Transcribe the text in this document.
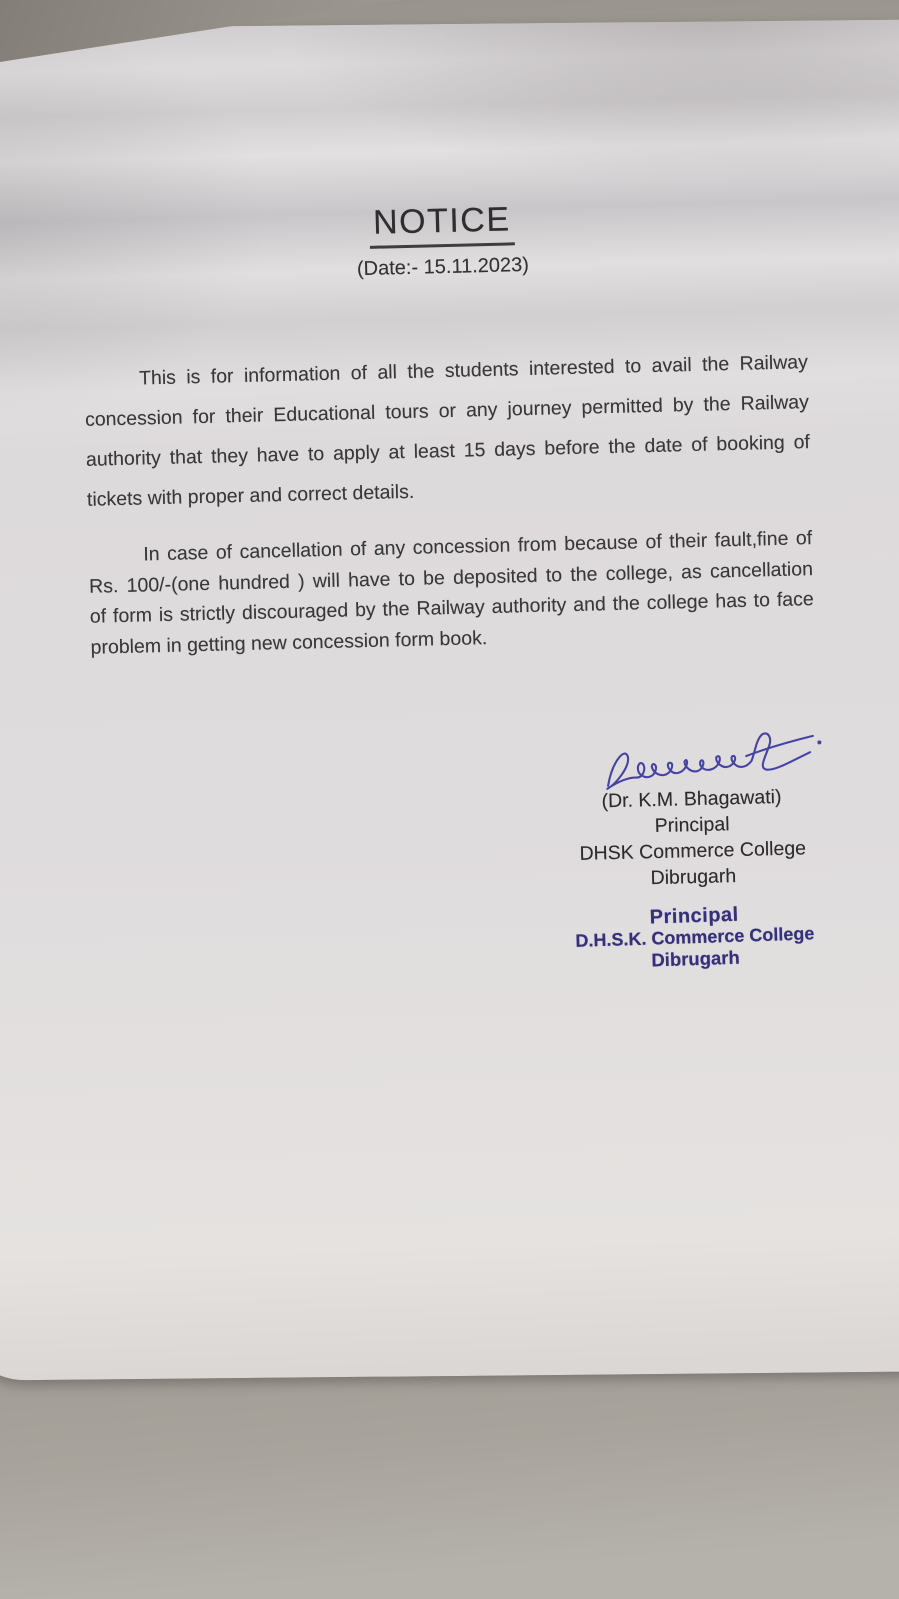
NOTICE
(Date:- 15.11.2023)
This is for information of all the students interested to avail the Railway
concession for their Educational tours or any journey permitted by the Railway
authority that they have to apply at least 15 days before the date of booking of
tickets with proper and correct details.
In case of cancellation of any concession from because of their fault,fine of
Rs. 100/-(one hundred ) will have to be deposited to the college, as cancellation
of form is strictly discouraged by the Railway authority and the college has to face
problem in getting new concession form book.
(Dr. K.M. Bhagawati)
Principal
DHSK Commerce College
Dibrugarh
Principal
D.H.S.K. Commerce College
Dibrugarh
